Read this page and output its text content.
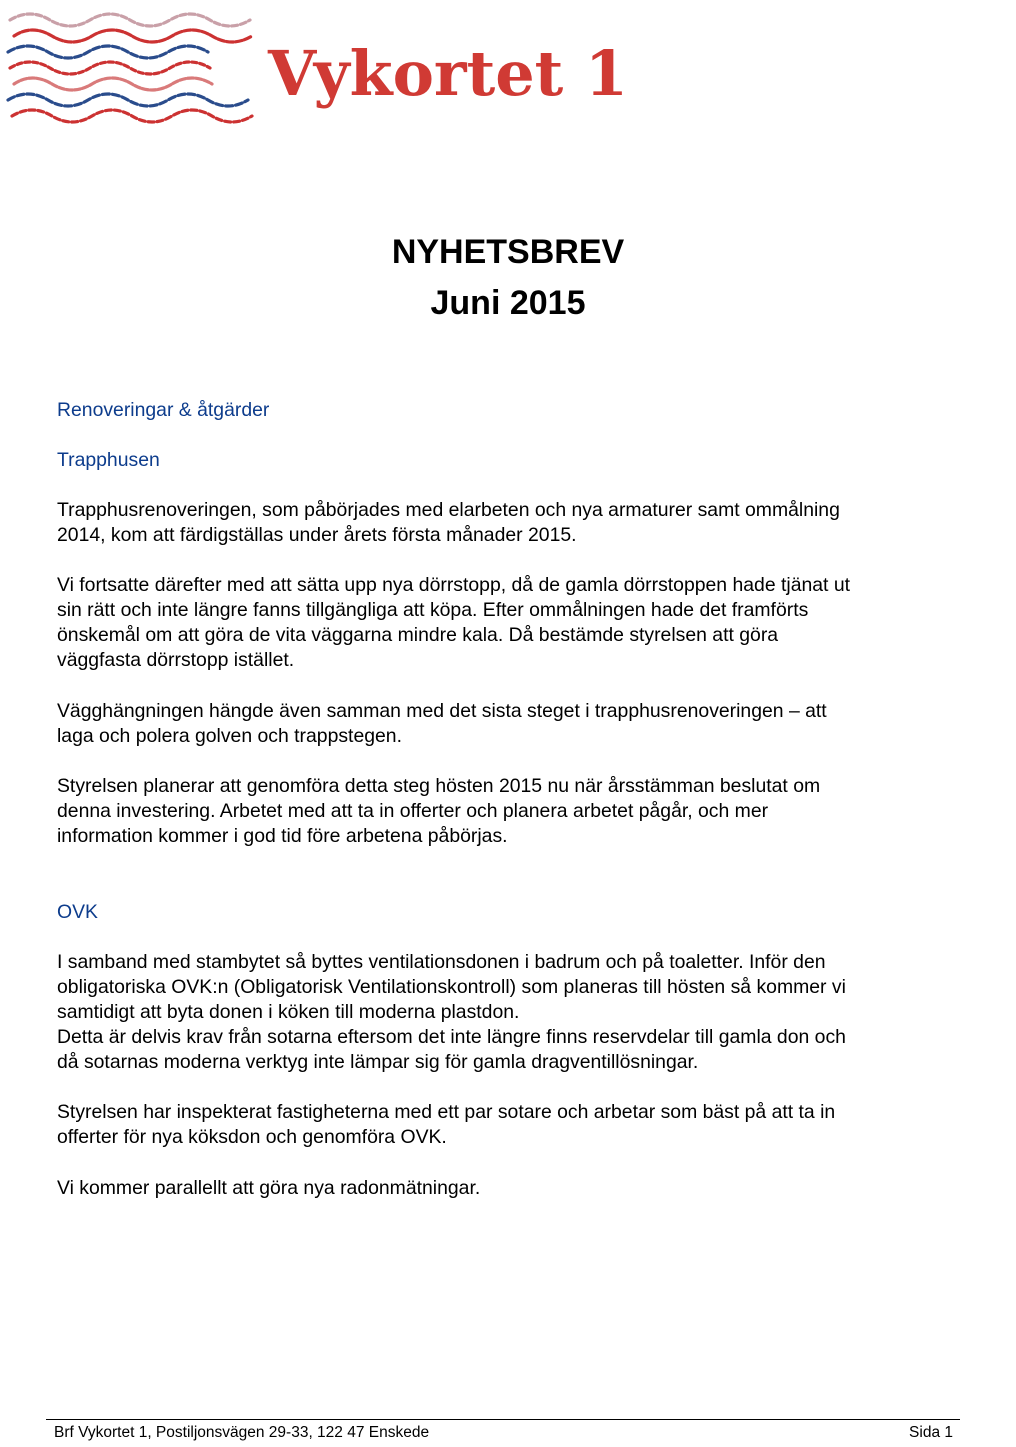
Vykortet 1
NYHETSBREV
Juni 2015
Renoveringar & åtgärder
Trapphusen
Trapphusrenoveringen, som påbörjades med elarbeten och nya armaturer samt ommålning
2014, kom att färdigställas under årets första månader 2015.
Vi fortsatte därefter med att sätta upp nya dörrstopp, då de gamla dörrstoppen hade tjänat ut
sin rätt och inte längre fanns tillgängliga att köpa. Efter ommålningen hade det framförts
önskemål om att göra de vita väggarna mindre kala. Då bestämde styrelsen att göra
väggfasta dörrstopp istället.
Vägghängningen hängde även samman med det sista steget i trapphusrenoveringen – att
laga och polera golven och trappstegen.
Styrelsen planerar att genomföra detta steg hösten 2015 nu när årsstämman beslutat om
denna investering. Arbetet med att ta in offerter och planera arbetet pågår, och mer
information kommer i god tid före arbetena påbörjas.
OVK
I samband med stambytet så byttes ventilationsdonen i badrum och på toaletter. Inför den
obligatoriska OVK:n (Obligatorisk Ventilationskontroll) som planeras till hösten så kommer vi
samtidigt att byta donen i köken till moderna plastdon.
Detta är delvis krav från sotarna eftersom det inte längre finns reservdelar till gamla don och
då sotarnas moderna verktyg inte lämpar sig för gamla dragventillösningar.
Styrelsen har inspekterat fastigheterna med ett par sotare och arbetar som bäst på att ta in
offerter för nya köksdon och genomföra OVK.
Vi kommer parallellt att göra nya radonmätningar.
Brf Vykortet 1, Postiljonsvägen 29-33, 122 47 Enskede	Sida 1
